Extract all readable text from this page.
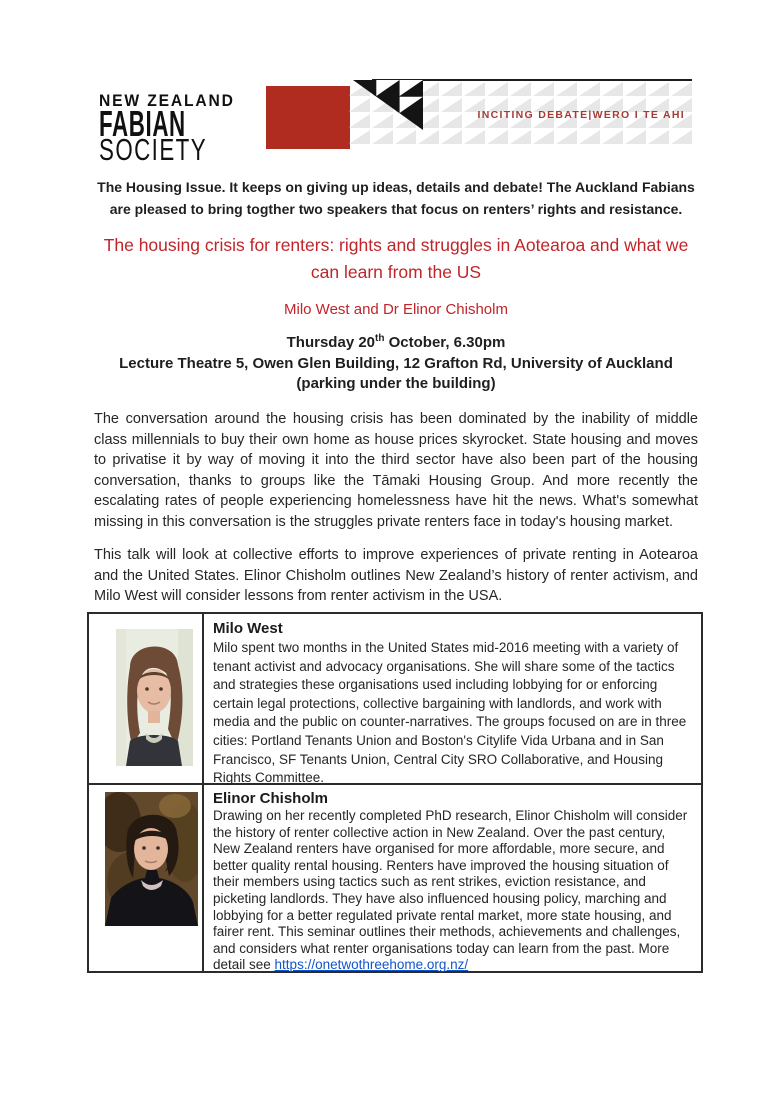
NEW ZEALAND
FABIAN
SOCIETY
INCITING DEBATE|WERO I TE AHI
The Housing Issue. It keeps on giving up ideas, details and debate! The Auckland Fabians are pleased to bring togther two speakers that focus on renters’ rights and resistance.
The housing crisis for renters: rights and struggles in Aotearoa and what we can learn from the US
Milo West and Dr Elinor Chisholm
Thursday 20th October, 6.30pm
Lecture Theatre 5, Owen Glen Building, 12 Grafton Rd, University of Auckland
(parking under the building)
The conversation around the housing crisis has been dominated by the inability of middle class millennials to buy their own home as house prices skyrocket. State housing and moves to privatise it by way of moving it into the third sector have also been part of the housing conversation, thanks to groups like the Tāmaki Housing Group. And more recently the escalating rates of people experiencing homelessness have hit the news. What's somewhat missing in this conversation is the struggles private renters face in today's housing market.
This talk will look at collective efforts to improve experiences of private renting in Aotearoa and the United States. Elinor Chisholm outlines New Zealand’s history of renter activism, and Milo West will consider lessons from renter activism in the USA.
Milo West
Milo spent two months in the United States mid-2016 meeting with a variety of tenant activist and advocacy organisations. She will share some of the tactics and strategies these organisations used including lobbying for or enforcing certain legal protections, collective bargaining with landlords, and work with media and the public on counter-narratives. The groups focused on are in three cities: Portland Tenants Union and Boston's Citylife Vida Urbana and in San Francisco, SF Tenants Union, Central City SRO Collaborative, and Housing Rights Committee.
Elinor Chisholm
Drawing on her recently completed PhD research, Elinor Chisholm will consider the history of renter collective action in New Zealand. Over the past century, New Zealand renters have organised for more affordable, more secure, and better quality rental housing. Renters have improved the housing situation of their members using tactics such as rent strikes, eviction resistance, and picketing landlords. They have also influenced housing policy, marching and lobbying for a better regulated private rental market, more state housing, and fairer rent. This seminar outlines their methods, achievements and challenges, and considers what renter organisations today can learn from the past. More detail see https://onetwothreehome.org.nz/
